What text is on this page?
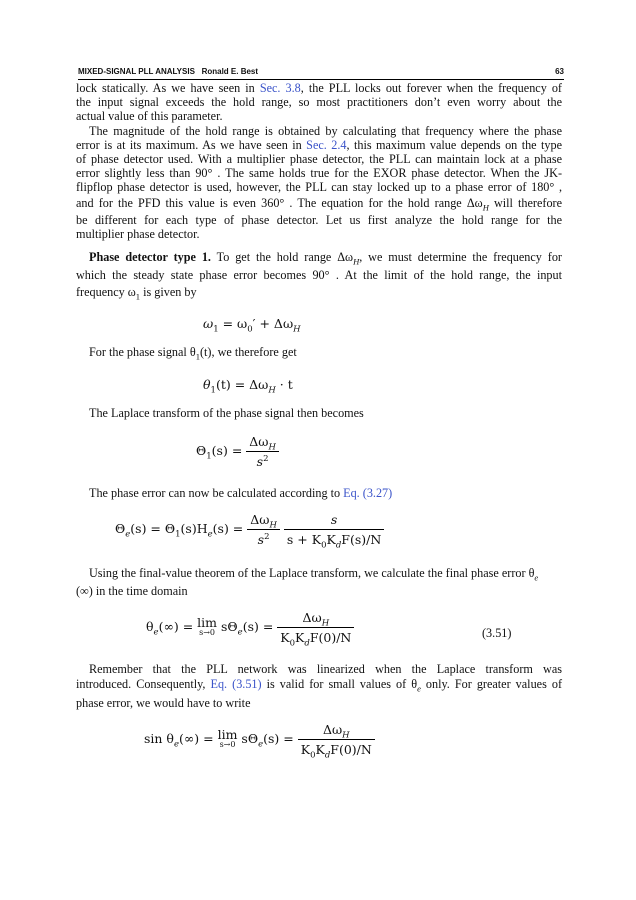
MIXED-SIGNAL PLL ANALYSIS   Ronald E. Best	63
lock statically. As we have seen in Sec. 3.8, the PLL locks out forever when the frequency of
the input signal exceeds the hold range, so most practitioners don’t even worry about the
actual value of this parameter.
The magnitude of the hold range is obtained by calculating that frequency where the phase
error is at its maximum. As we have seen in Sec. 2.4, this maximum value depends on the type
of phase detector used. With a multiplier phase detector, the PLL can maintain lock at a phase
error slightly less than 90° . The same holds true for the EXOR phase detector. When the JK-
flipflop phase detector is used, however, the PLL can stay locked up to a phase error of 180° ,
and for the PFD this value is even 360° . The equation for the hold range $\Delta\omega_H$ will therefore
be different for each type of phase detector. Let us first analyze the hold range for the
multiplier phase detector.
Phase detector type 1. To get the hold range $\Delta\omega_H$, we must determine the frequency for
which the steady state phase error becomes 90° . At the limit of the hold range, the input
frequency $\omega_1$ is given by
$\omega_1 = \omega_0' + \Delta\omega_H$
For the phase signal $\theta_1(t)$, we therefore get
$\theta_1(t) = \Delta\omega_H \cdot t$
The Laplace transform of the phase signal then becomes
$\Theta_1(s) = \frac{\Delta\omega_H}{s^2}$
The phase error can now be calculated according to Eq. (3.27)
$\Theta_e(s) = \Theta_1(s)H_e(s) = \frac{\Delta\omega_H}{s^2}$
$\frac{s}{s + K_0K_dF(s)/N}$
Using the final-value theorem of the Laplace transform, we calculate the final phase error $\theta_e$
(∞) in the time domain
$\theta_e(\infty) = \lim$
s→0 $s\Theta_e(s) = \frac{\Delta\omega_H}{K_0K_dF(0)/N}$	(3.51)
Remember that the PLL network was linearized when the Laplace transform was
introduced. Consequently, Eq. (3.51) is valid for small values of $\theta_e$ only. For greater values of
phase error, we would have to write
$\sin \theta_e(\infty) = \lim$
s→0 $s\Theta_e(s) = \frac{\Delta\omega_H}{K_0K_dF(0)/N}$
